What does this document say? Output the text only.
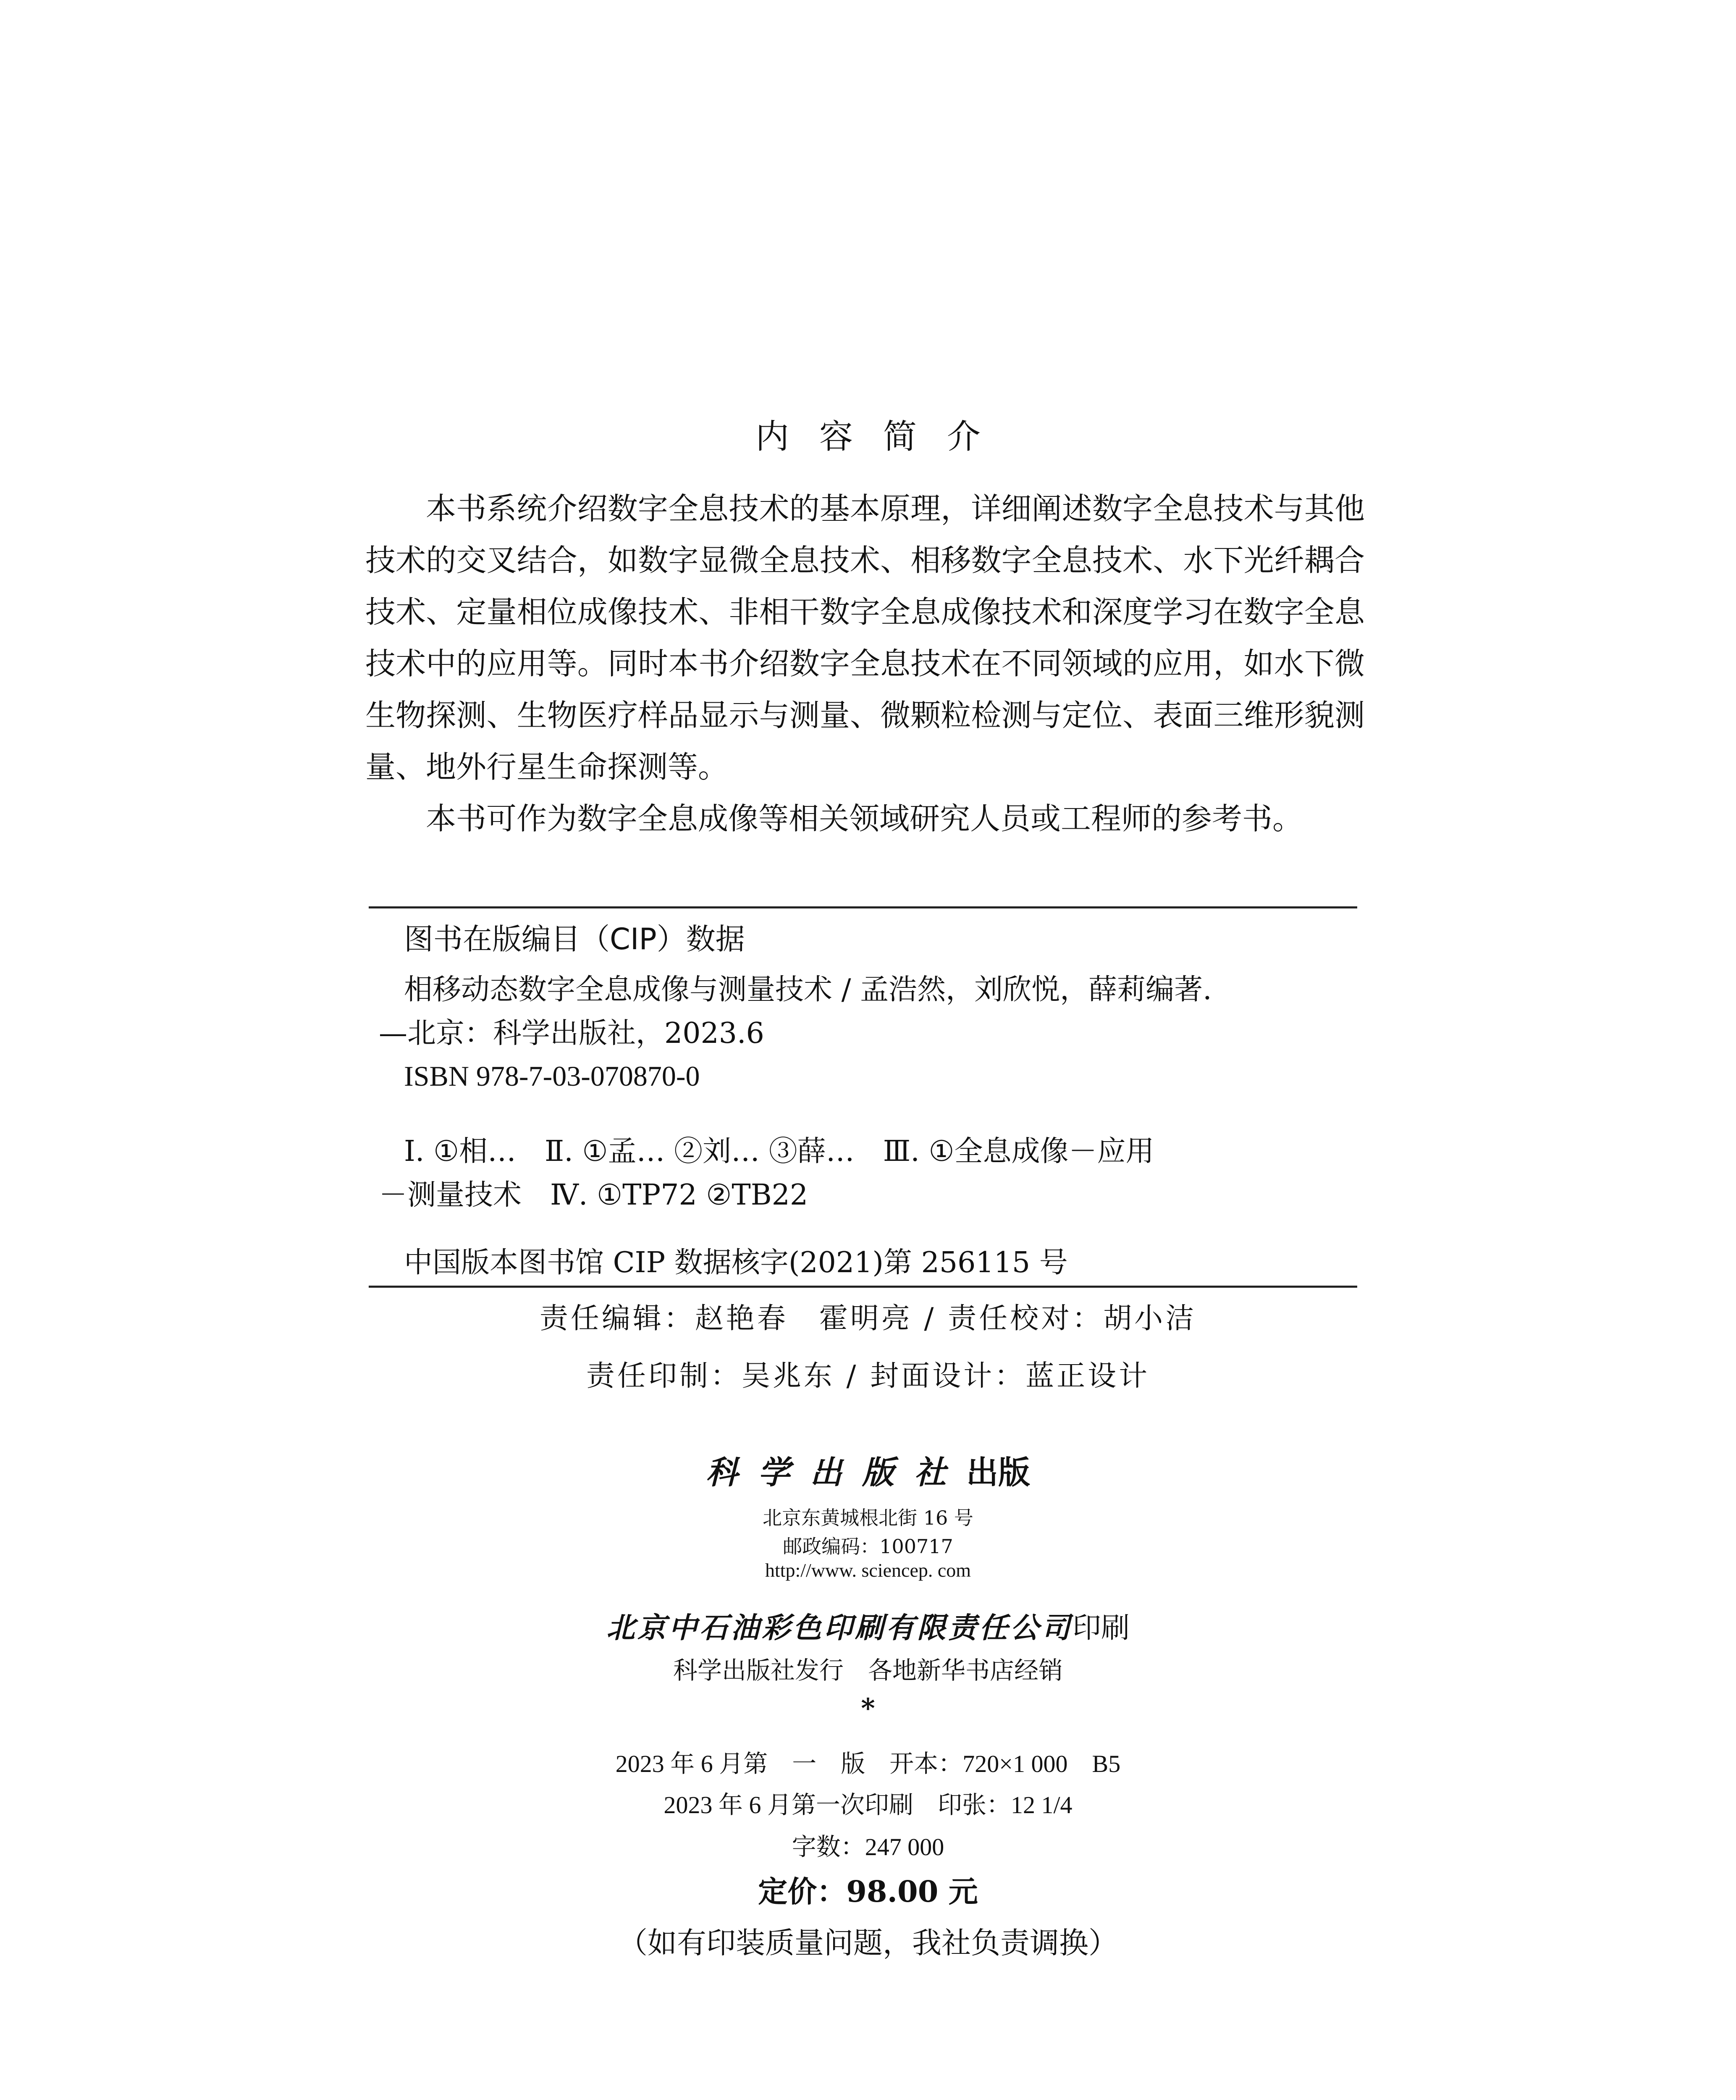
内容简介

本书系统介绍数字全息技术的基本原理，详细阐述数字全息技术与其他技术的交叉结合，如数字显微全息技术、相移数字全息技术、水下光纤耦合技术、定量相位成像技术、非相干数字全息成像技术和深度学习在数字全息技术中的应用等。同时本书介绍数字全息技术在不同领域的应用，如水下微生物探测、生物医疗样品显示与测量、微颗粒检测与定位、表面三维形貌测量、地外行星生命探测等。

本书可作为数字全息成像等相关领域研究人员或工程师的参考书。

图书在版编目（CIP）数据
相移动态数字全息成像与测量技术 / 孟浩然，刘欣悦，薛莉编著.
—北京：科学出版社，2023.6
ISBN 978-7-03-070870-0
Ⅰ. ①相…　Ⅱ. ①孟… ②刘… ③薛…　Ⅲ. ①全息成像－应用
－测量技术　Ⅳ. ①TP72 ②TB22
中国版本图书馆 CIP 数据核字(2021)第 256115 号
责任编辑：赵艳春　霍明亮 / 责任校对：胡小洁
责任印制：吴兆东 / 封面设计：蓝正设计
科学出版社出版
北京东黄城根北街 16 号
邮政编码：100717
http://www. sciencep. com
北京中石油彩色印刷有限责任公司印刷
科学出版社发行　各地新华书店经销
*
2023 年 6 月第　一　版　开本：720×1 000　B5
2023 年 6 月第一次印刷　印张：12 1/4
字数：247 000
定价：98.00 元
（如有印装质量问题，我社负责调换）
